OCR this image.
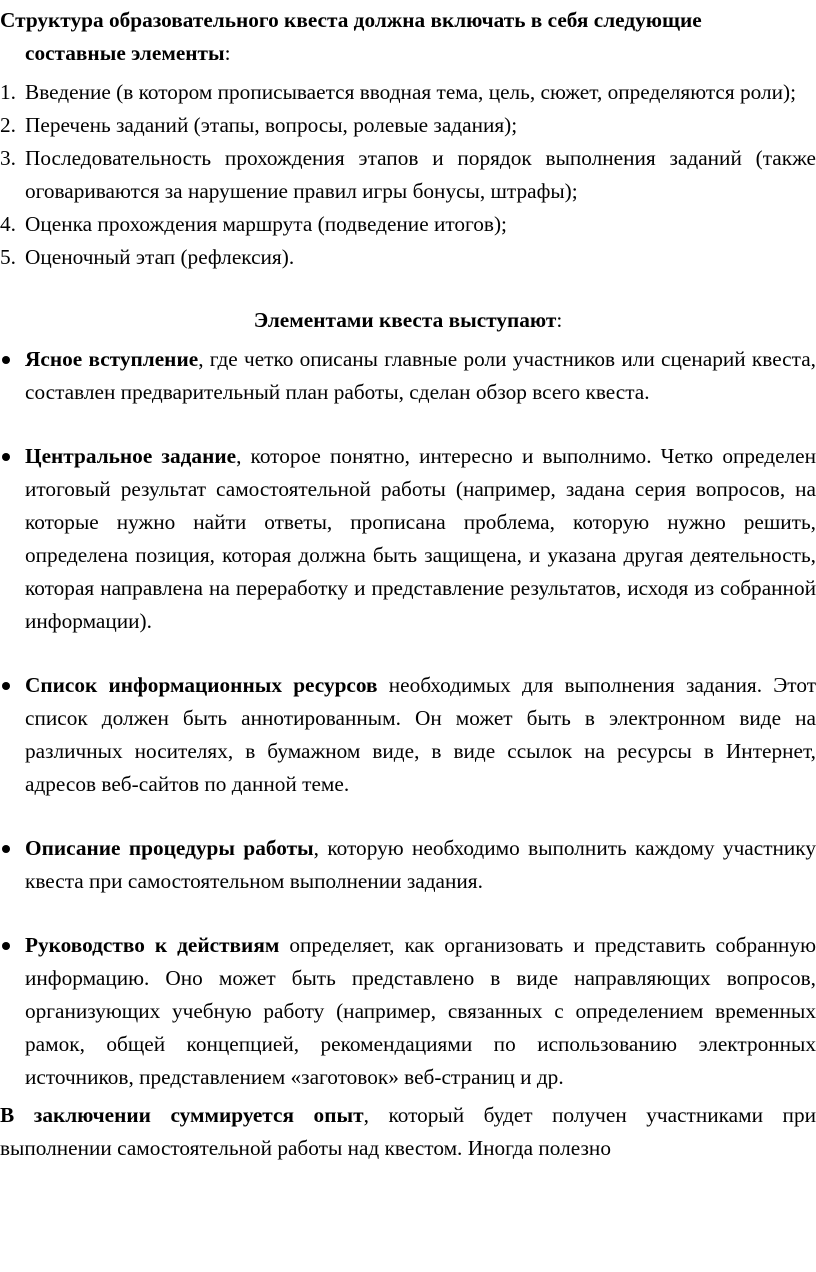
Структура образовательного квеста должна включать в себя следующие
составные элементы:

1. Введение (в котором прописывается вводная тема, цель, сюжет, определяются роли);
2. Перечень заданий (этапы, вопросы, ролевые задания);
3. Последовательность прохождения этапов и порядок выполнения заданий (также оговариваются за нарушение правил игры бонусы, штрафы);
4. Оценка прохождения маршрута (подведение итогов);
5. Оценочный этап (рефлексия).

Элементами квеста выступают:

Ясное вступление, где четко описаны главные роли участников или сценарий квеста, составлен предварительный план работы, сделан обзор всего квеста.
Центральное задание, которое понятно, интересно и выполнимо. Четко определен итоговый результат самостоятельной работы (например, задана серия вопросов, на которые нужно найти ответы, прописана проблема, которую нужно решить, определена позиция, которая должна быть защищена, и указана другая деятельность, которая направлена на переработку и представление результатов, исходя из собранной информации).
Список информационных ресурсов необходимых для выполнения задания. Этот список должен быть аннотированным. Он может быть в электронном виде на различных носителях, в бумажном виде, в виде ссылок на ресурсы в Интернет, адресов веб-сайтов по данной теме.
Описание процедуры работы, которую необходимо выполнить каждому участнику квеста при самостоятельном выполнении задания.
Руководство к действиям определяет, как организовать и представить собранную информацию. Оно может быть представлено в виде направляющих вопросов, организующих учебную работу (например, связанных с определением временных рамок, общей концепцией, рекомендациями по использованию электронных источников, представлением «заготовок» веб-страниц и др.

В заключении суммируется опыт, который будет получен участниками при выполнении самостоятельной работы над квестом. Иногда полезно
